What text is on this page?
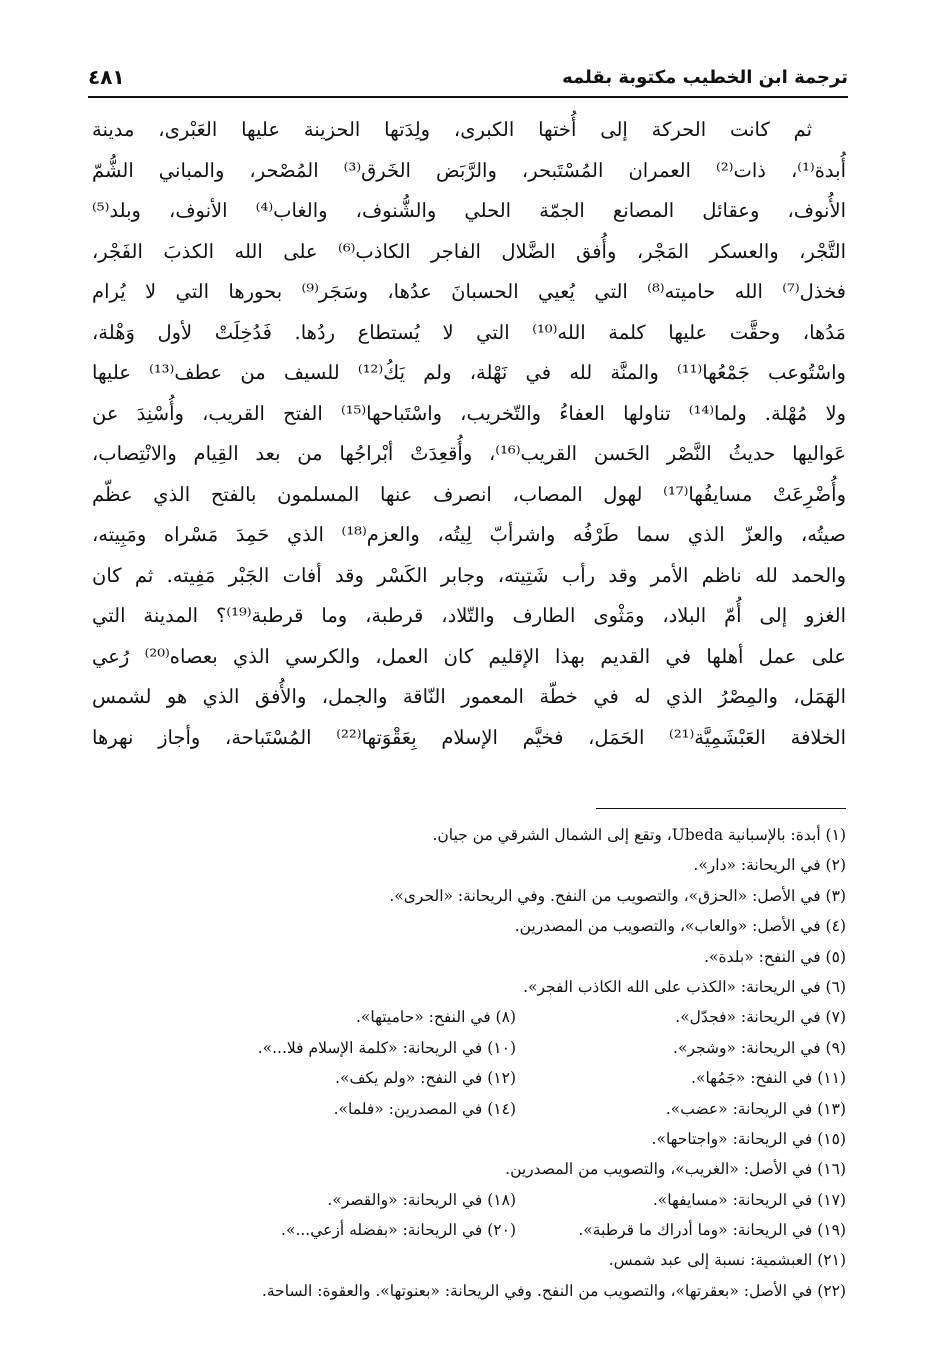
ترجمة ابن الخطيب مكتوبة بقلمه
٤٨١
ثم كانت الحركة إلى أُختها الكبرى، ولِدَتها الحزينة عليها العَبْرى، مدينة
أُبدة⁽¹⁾، ذات⁽²⁾ العمران المُسْتَبحر، والرَّبَض الخَرق⁽³⁾ المُصْحر، والمباني الشُّمّ
الأُنوف، وعقائل المصانع الجمّة الحلي والشُّنوف، والغاب⁽⁴⁾ الأنوف، وبلد⁽⁵⁾
التَّجْر، والعسكر المَجْر، وأُفق الضَّلال الفاجر الكاذب⁽⁶⁾ على الله الكذبَ الفَجْر،
فخذل⁽⁷⁾ الله حاميته⁽⁸⁾ التي يُعيي الحسبانَ عدُها، وسَجَر⁽⁹⁾ بحورها التي لا يُرام
مَدُها، وحقَّت عليها كلمة الله⁽¹⁰⁾ التي لا يُستطاع ردُها. فَدُخِلَتْ لأول وَهْلة،
واسْتُوعب جَمْعُها⁽¹¹⁾ والمنَّة لله في نَهْلة، ولم يَكُ⁽¹²⁾ للسيف من عطف⁽¹³⁾ عليها
ولا مُهْلة. ولما⁽¹⁴⁾ تناولها العفاءُ والتّخريب، واسْتَباحها⁽¹⁵⁾ الفتح القريب، وأُسْنِدَ عن
عَواليها حديثُ النَّصْر الحَسن القريب⁽¹⁶⁾، وأُقعِدَتْ أبْراجُها من بعد القِيام والانْتِصاب،
وأُضْرِعَتْ مسايفُها⁽¹⁷⁾ لهول المصاب، انصرف عنها المسلمون بالفتح الذي عظّم
صيتُه، والعزّ الذي سما طَرْفُه واشرأبّ لِيتُه، والعزم⁽¹⁸⁾ الذي حَمِدَ مَسْراه ومَبِيته،
والحمد لله ناظم الأمر وقد رأب شَتِيته، وجابر الكَسْر وقد أفات الجَبْر مَفِيته. ثم كان
الغزو إلى أُمّ البلاد، ومَثْوى الطارف والتّلاد، قرطبة، وما قرطبة⁽¹⁹⁾؟ المدينة التي
على عمل أهلها في القديم بهذا الإقليم كان العمل، والكرسي الذي بعصاه⁽²⁰⁾ رُعي
الهَمَل، والمِصْرُ الذي له في خطّة المعمور النّاقة والجمل، والأُفق الذي هو لشمس
الخلافة العَبْشَمِيَّة⁽²¹⁾ الحَمَل، فخيَّم الإسلام بِعَقْوَتها⁽²²⁾ المُسْتَباحة، وأجاز نهرها
(١) أبدة: بالإسبانية Ubeda، وتقع إلى الشمال الشرقي من جيان.
(٢) في الريحانة: «دار».
(٣) في الأصل: «الحزق»، والتصويب من النفح. وفي الريحانة: «الحرى».
(٤) في الأصل: «والعاب»، والتصويب من المصدرين.
(٥) في النفح: «بلدة».
(٦) في الريحانة: «الكذب على الله الكاذب الفجر».
(٧) في الريحانة: «فجدّل».
(٨) في النفح: «حاميتها».
(٩) في الريحانة: «وشجر».
(١٠) في الريحانة: «كلمة الإسلام فلا...».
(١١) في النفح: «جَمُها».
(١٢) في النفح: «ولم يكف».
(١٣) في الريحانة: «عضب».
(١٤) في المصدرين: «فلما».
(١٥) في الريحانة: «واجتاحها».
(١٦) في الأصل: «الغريب»، والتصويب من المصدرين.
(١٧) في الريحانة: «مسايفها».
(١٨) في الريحانة: «والقصر».
(١٩) في الريحانة: «وما أدراك ما قرطبة».
(٢٠) في الريحانة: «بفضله أزعي...».
(٢١) العبشمية: نسبة إلى عبد شمس.
(٢٢) في الأصل: «بعقرتها»، والتصويب من النفح. وفي الريحانة: «بعنوتها». والعقوة: الساحة.
